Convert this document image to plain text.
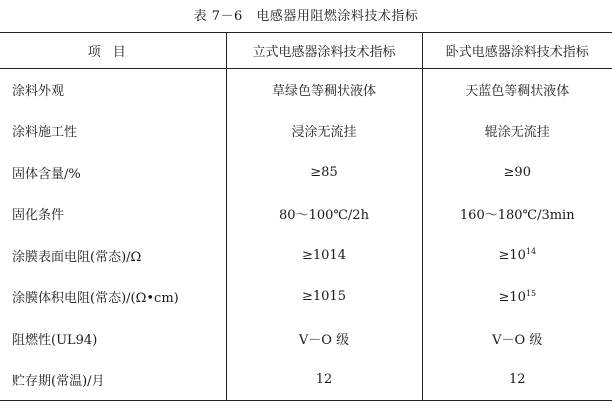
表 7－6　电感器用阻燃涂料技术指标
项目	立式电感器涂料技术指标	卧式电感器涂料技术指标
涂料外观	草绿色等稠状液体	天蓝色等稠状液体
涂料施工性	浸涂无流挂	辊涂无流挂
固体含量/%	≥85	≥90
固化条件	80～100℃/2h	160～180℃/3min
涂膜表面电阻(常态)/Ω	≥1014	$\ge 10^{14}$
涂膜体积电阻(常态)/(Ω•cm)	≥1015	$\ge 10^{15}$
阻燃性(UL94)	V－O 级	V－O 级
贮存期(常温)/月	12	12
